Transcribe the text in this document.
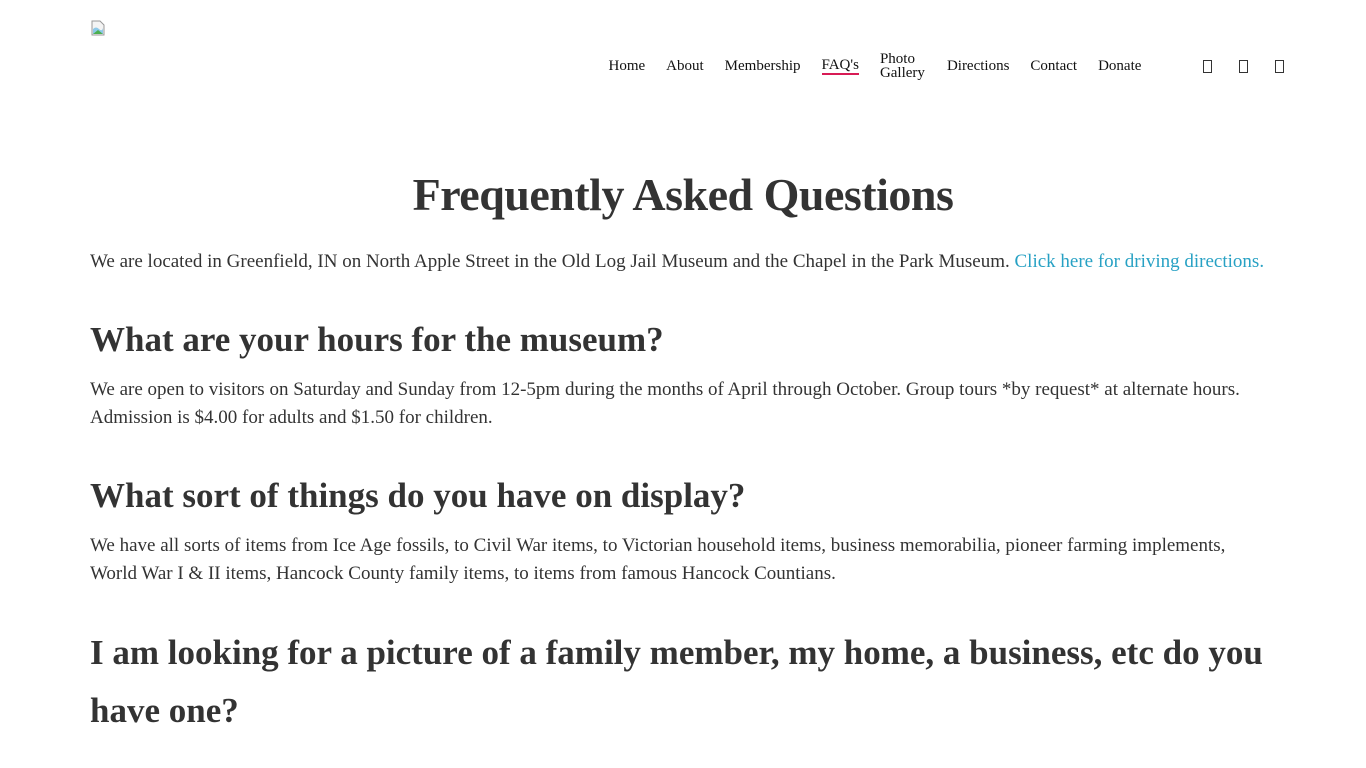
Home	About	Membership	FAQ's	Photo Gallery	Directions	Contact	Donate
Frequently Asked Questions

We are located in Greenfield, IN on North Apple Street in the Old Log Jail Museum and the Chapel in the Park Museum. Click here for driving directions.

What are your hours for the museum?

We are open to visitors on Saturday and Sunday from 12-5pm during the months of April through October. Group tours *by request* at alternate hours. Admission is $4.00 for adults and $1.50 for children.

What sort of things do you have on display?

We have all sorts of items from Ice Age fossils, to Civil War items, to Victorian household items, business memorabilia, pioneer farming implements, World War I & II items, Hancock County family items, to items from famous Hancock Countians.

I am looking for a picture of a family member, my home, a business, etc do you have one?
